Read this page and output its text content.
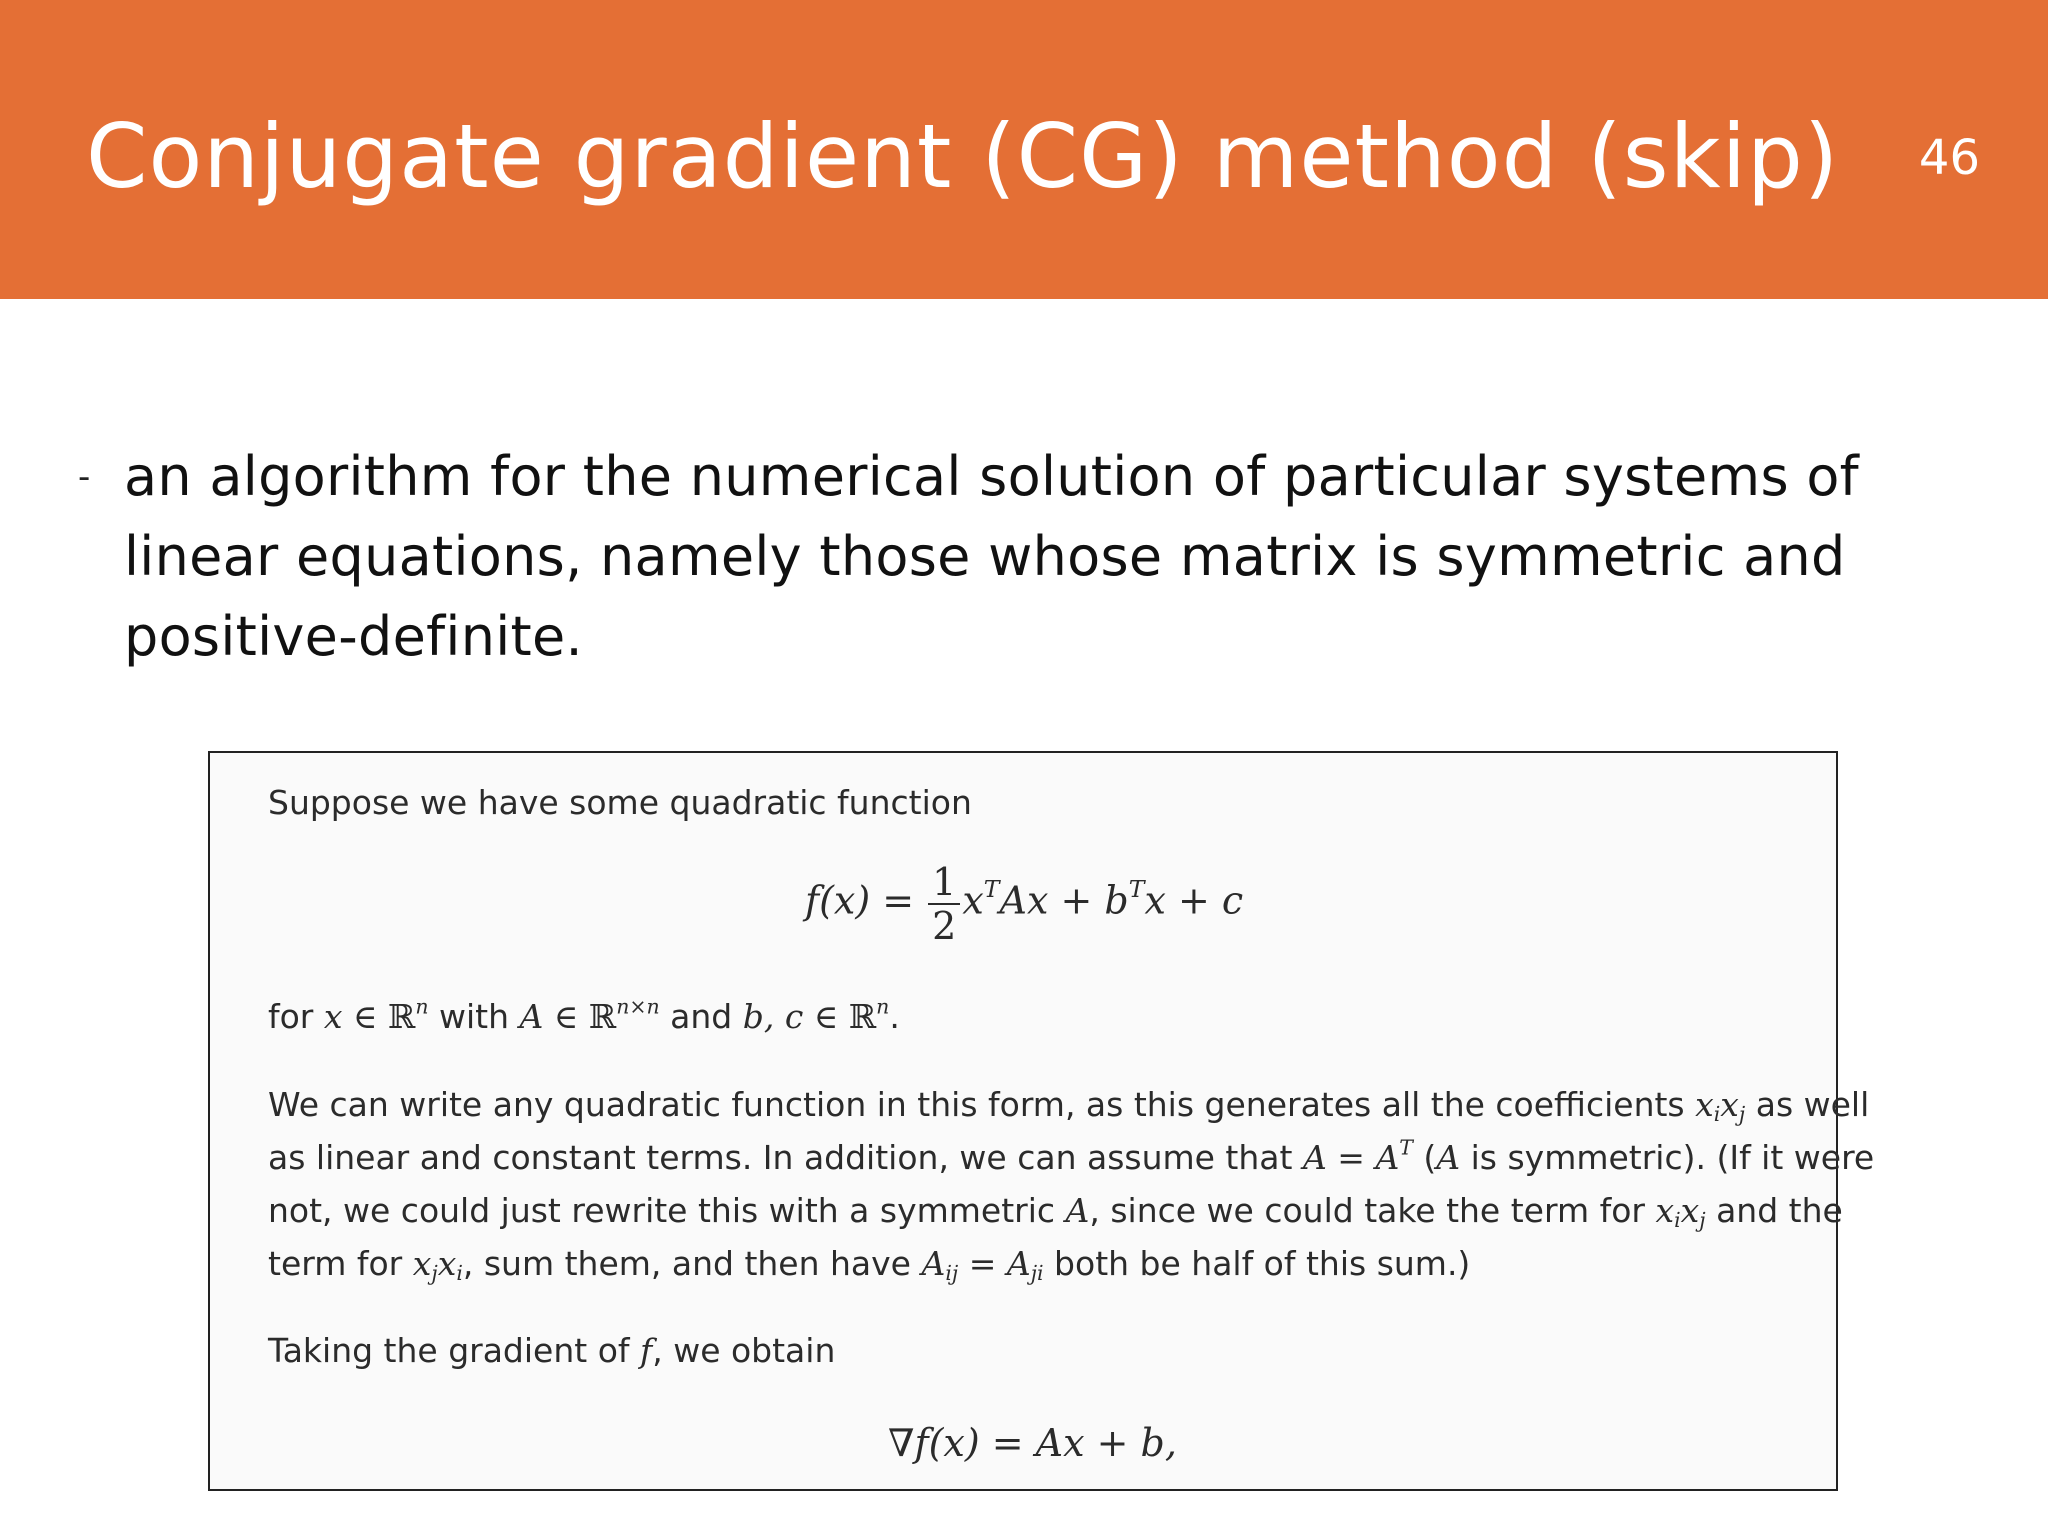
Conjugate gradient (CG) method (skip) 46
- an algorithm for the numerical solution of particular systems of linear equations, namely those whose matrix is symmetric and positive-definite.
Suppose we have some quadratic function
$f(x) = \frac{1}{2} x^TAx + b^Tx + c$
for x ∈ ℝ$^n$ with A ∈ ℝ$^{n\times n}$ and b, c ∈ ℝ$^n$.
We can write any quadratic function in this form, as this generates all the coefficients $x_ix_j$ as well
as linear and constant terms. In addition, we can assume that $A = A^T$ (A is symmetric). (If it were
not, we could just rewrite this with a symmetric A, since we could take the term for $x_ix_j$ and the
term for $x_jx_i$, sum them, and then have $A_{ij} = A_{ji}$ both be half of this sum.)
Taking the gradient of f, we obtain
∇f(x) = Ax + b,
